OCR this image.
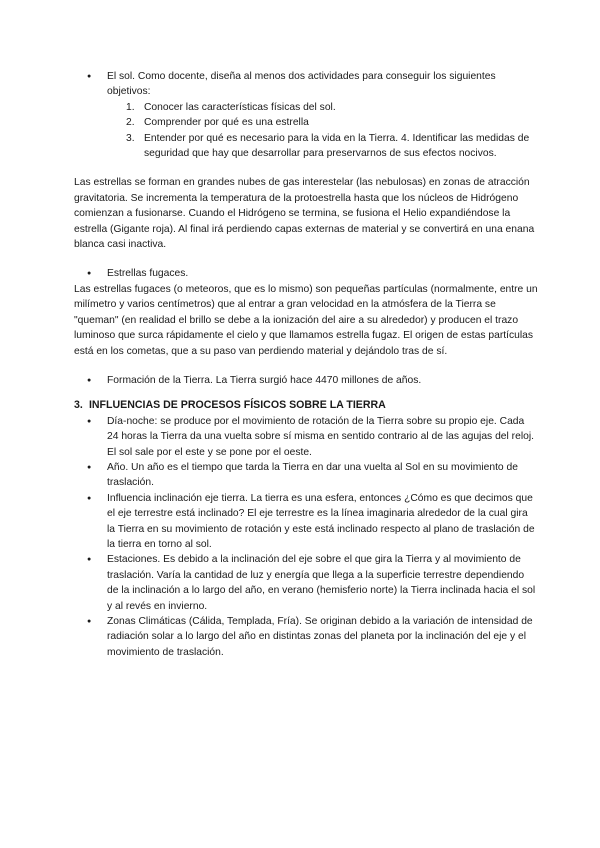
● El sol. Como docente, diseña al menos dos actividades para conseguir los siguientes objetivos:
1. Conocer las características físicas del sol.
2. Comprender por qué es una estrella
3. Entender por qué es necesario para la vida en la Tierra. 4. Identificar las medidas de seguridad que hay que desarrollar para preservarnos de sus efectos nocivos.

Las estrellas se forman en grandes nubes de gas interestelar (las nebulosas) en zonas de atracción gravitatoria. Se incrementa la temperatura de la protoestrella hasta que los núcleos de Hidrógeno comienzan a fusionarse. Cuando el Hidrógeno se termina, se fusiona el Helio expandiéndose la estrella (Gigante roja). Al final irá perdiendo capas externas de material y se convertirá en una enana blanca casi inactiva.

● Estrellas fugaces.

Las estrellas fugaces (o meteoros, que es lo mismo) son pequeñas partículas (normalmente, entre un milímetro y varios centímetros) que al entrar a gran velocidad en la atmósfera de la Tierra se "queman" (en realidad el brillo se debe a la ionización del aire a su alrededor) y producen el trazo luminoso que surca rápidamente el cielo y que llamamos estrella fugaz. El origen de estas partículas está en los cometas, que a su paso van perdiendo material y dejándolo tras de sí.

● Formación de la Tierra. La Tierra surgió hace 4470 millones de años.

3. INFLUENCIAS DE PROCESOS FÍSICOS SOBRE LA TIERRA

● Día-noche: se produce por el movimiento de rotación de la Tierra sobre su propio eje. Cada 24 horas la Tierra da una vuelta sobre sí misma en sentido contrario al de las agujas del reloj. El sol sale por el este y se pone por el oeste.
● Año. Un año es el tiempo que tarda la Tierra en dar una vuelta al Sol en su movimiento de traslación.
● Influencia inclinación eje tierra. La tierra es una esfera, entonces ¿Cómo es que decimos que el eje terrestre está inclinado? El eje terrestre es la línea imaginaria alrededor de la cual gira la Tierra en su movimiento de rotación y este está inclinado respecto al plano de traslación de la tierra en torno al sol.
● Estaciones. Es debido a la inclinación del eje sobre el que gira la Tierra y al movimiento de traslación. Varía la cantidad de luz y energía que llega a la superficie terrestre dependiendo de la inclinación a lo largo del año, en verano (hemisferio norte) la Tierra inclinada hacia el sol y al revés en invierno.
● Zonas Climáticas (Cálida, Templada, Fría). Se originan debido a la variación de intensidad de radiación solar a lo largo del año en distintas zonas del planeta por la inclinación del eje y el movimiento de traslación.
